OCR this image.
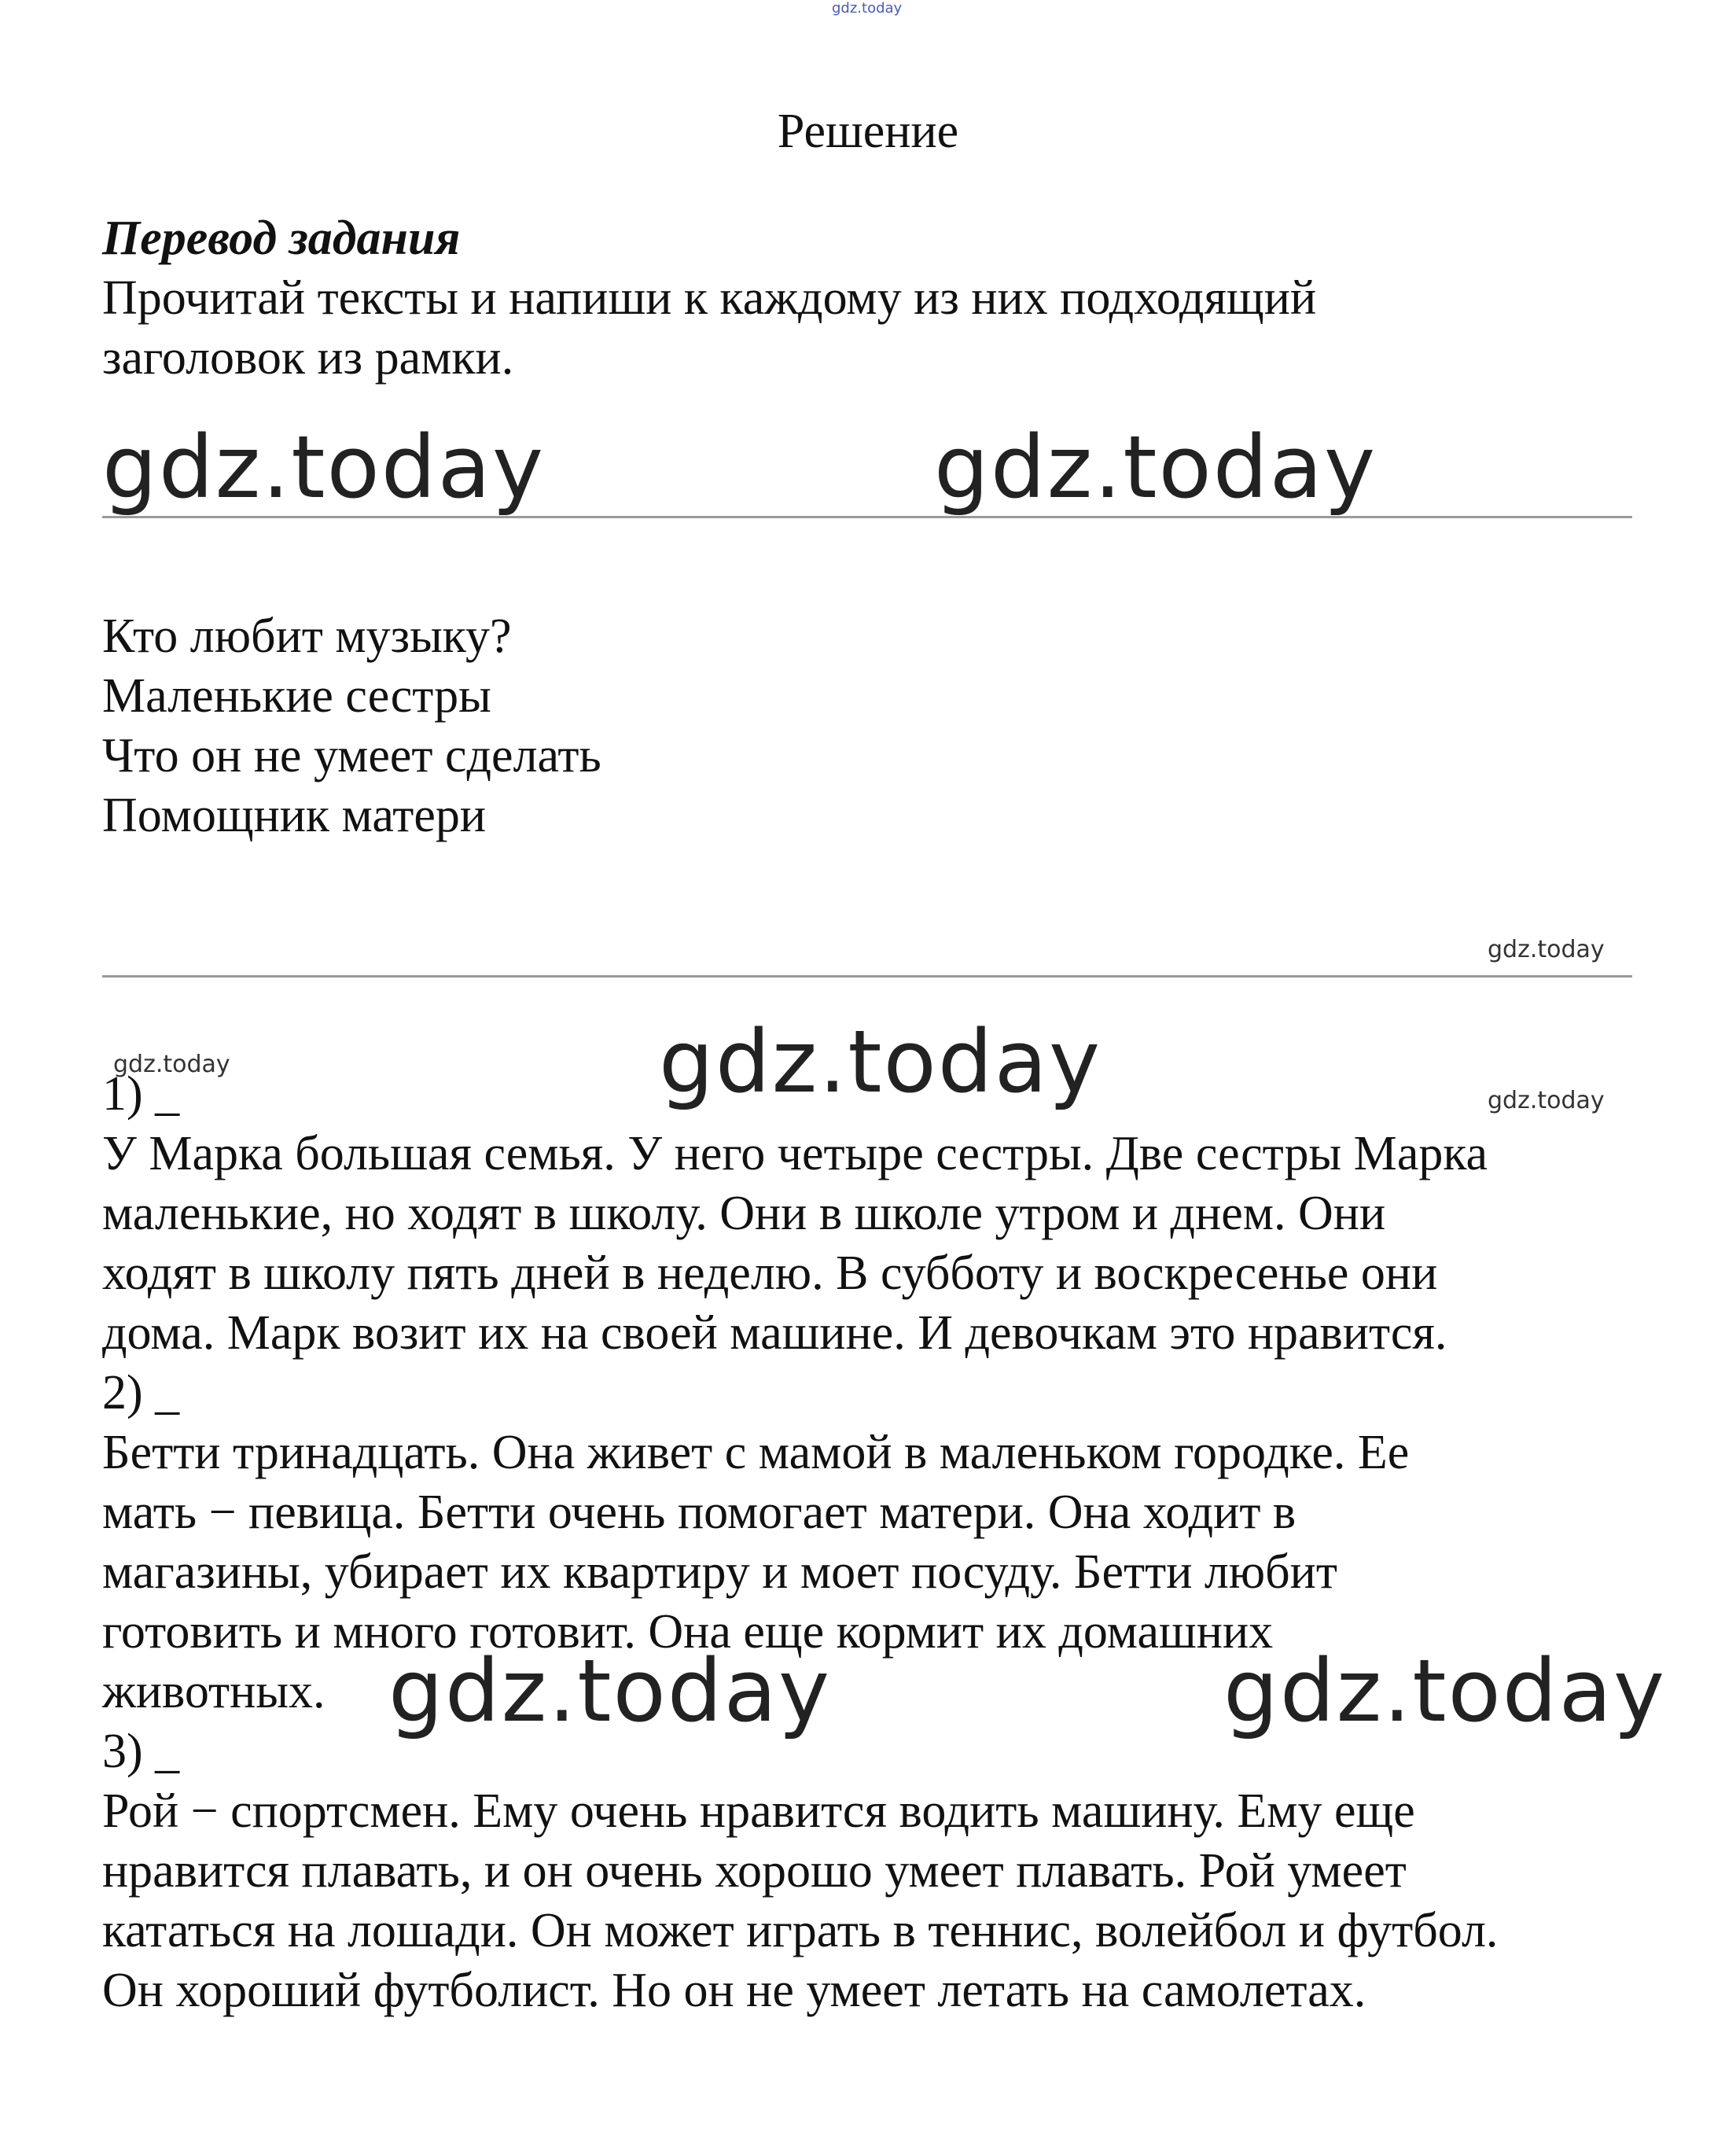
gdz.today
Решение
Перевод задания
Прочитай тексты и напиши к каждому из них подходящий
заголовок из рамки.
gdz.today	gdz.today
Кто любит музыку?
Маленькие сестры
Что он не умеет сделать
Помощник матери
gdz.today
gdz.today	gdz.today	gdz.today
1) _
У Марка большая семья. У него четыре сестры. Две сестры Марка
маленькие, но ходят в школу. Они в школе утром и днем. Они
ходят в школу пять дней в неделю. В субботу и воскресенье они
дома. Марк возит их на своей машине. И девочкам это нравится.
2) _
Бетти тринадцать. Она живет с мамой в маленьком городке. Ее
мать − певица. Бетти очень помогает матери. Она ходит в
магазины, убирает их квартиру и моет посуду. Бетти любит
готовить и много готовит. Она еще кормит их домашних
животных. gdz.today	gdz.today
3) _
Рой − спортсмен. Ему очень нравится водить машину. Ему еще
нравится плавать, и он очень хорошо умеет плавать. Рой умеет
кататься на лошади. Он может играть в теннис, волейбол и футбол.
Он хороший футболист. Но он не умеет летать на самолетах.
